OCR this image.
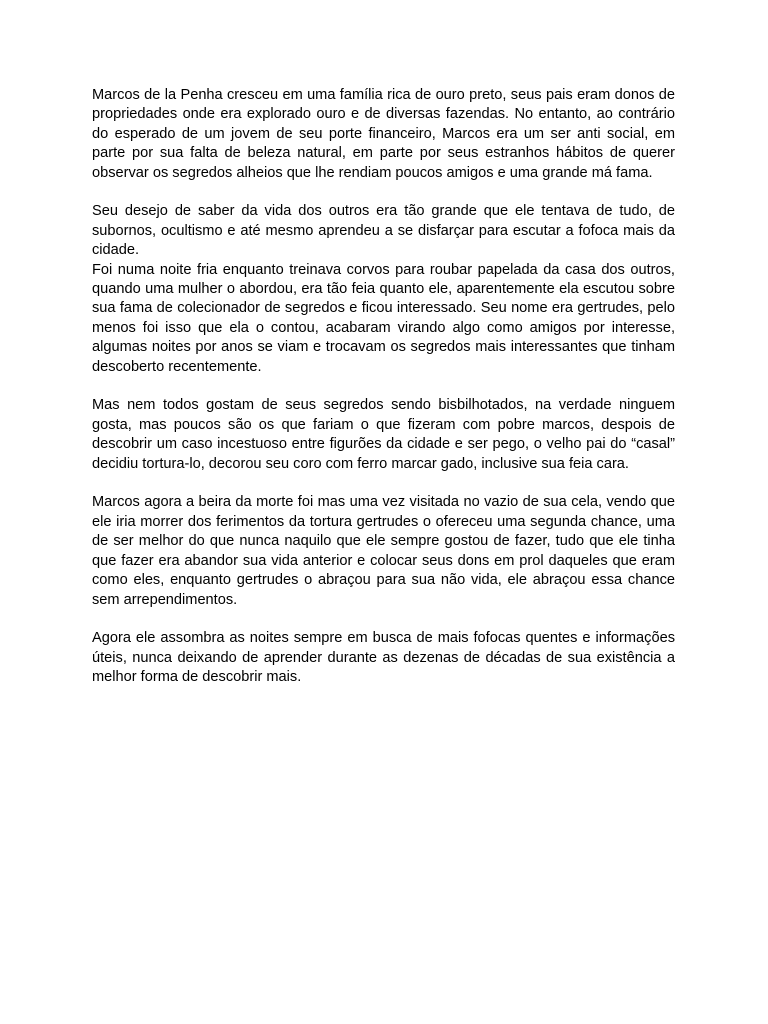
Marcos de la Penha cresceu em uma família rica de ouro preto, seus pais eram donos de propriedades onde era explorado ouro e de diversas fazendas. No entanto, ao contrário do esperado de um jovem de seu porte financeiro, Marcos era um ser anti social, em parte por sua falta de beleza natural, em parte por seus estranhos hábitos de querer observar os segredos alheios que lhe rendiam poucos amigos e uma grande má fama.

Seu desejo de saber da vida dos outros era tão grande que ele tentava de tudo, de subornos, ocultismo e até mesmo aprendeu a se disfarçar para escutar a fofoca mais da cidade.

Foi numa noite fria enquanto treinava corvos para roubar papelada da casa dos outros, quando uma mulher o abordou, era tão feia quanto ele, aparentemente ela escutou sobre sua fama de colecionador de segredos e ficou interessado. Seu nome era gertrudes, pelo menos foi isso que ela o contou, acabaram virando algo como amigos por interesse, algumas noites por anos se viam e trocavam os segredos mais interessantes que tinham descoberto recentemente.

Mas nem todos gostam de seus segredos sendo bisbilhotados, na verdade ninguem gosta, mas poucos são os que fariam o que fizeram com pobre marcos, despois de descobrir um caso incestuoso entre figurões da cidade e ser pego, o velho pai do “casal” decidiu tortura-lo, decorou seu coro com ferro marcar gado, inclusive sua feia cara.

Marcos agora a beira da morte foi mas uma vez visitada no vazio de sua cela, vendo que ele iria morrer dos ferimentos da tortura gertrudes o ofereceu uma segunda chance, uma de ser melhor do que nunca naquilo que ele sempre gostou de fazer, tudo que ele tinha que fazer era abandor sua vida anterior e colocar seus dons em prol daqueles que eram como eles, enquanto gertrudes o abraçou para sua não vida, ele abraçou essa chance sem arrependimentos.

Agora ele assombra as noites sempre em busca de mais fofocas quentes e informações úteis, nunca deixando de aprender durante as dezenas de décadas de sua existência a melhor forma de descobrir mais.
